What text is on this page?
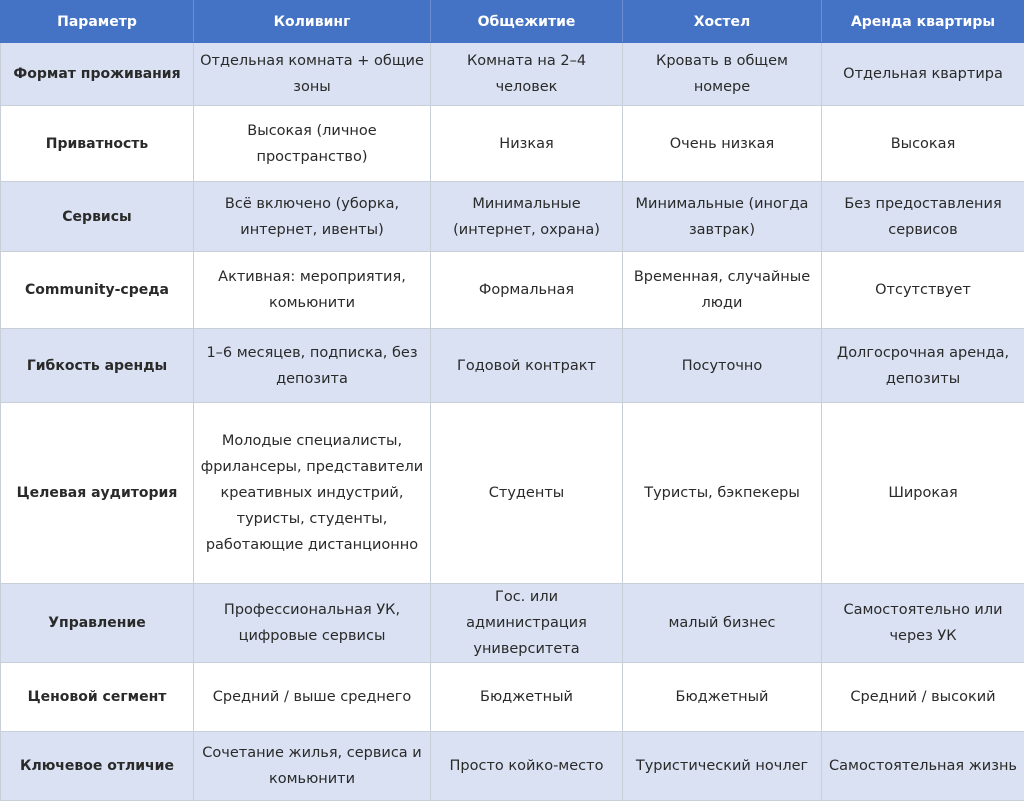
Параметр	Коливинг	Общежитие	Хостел	Аренда квартиры
Формат проживания	Отдельная комната + общие зоны	Комната на 2–4 человек	Кровать в общем номере	Отдельная квартира
Приватность	Высокая (личное пространство)	Низкая	Очень низкая	Высокая
Сервисы	Всё включено (уборка, интернет, ивенты)	Минимальные (интернет, охрана)	Минимальные (иногда завтрак)	Без предоставления сервисов
Community-среда	Активная: мероприятия, комьюнити	Формальная	Временная, случайные люди	Отсутствует
Гибкость аренды	1–6 месяцев, подписка, без депозита	Годовой контракт	Посуточно	Долгосрочная аренда, депозиты
Целевая аудитория	Молодые специалисты, фрилансеры, представители креативных индустрий, туристы, студенты, работающие дистанционно	Студенты	Туристы, бэкпекеры	Широкая
Управление	Профессиональная УК, цифровые сервисы	Гос. или администрация университета	малый бизнес	Самостоятельно или через УК
Ценовой сегмент	Средний / выше среднего	Бюджетный	Бюджетный	Средний / высокий
Ключевое отличие	Сочетание жилья, сервиса и комьюнити	Просто койко-место	Туристический ночлег	Самостоятельная жизнь
